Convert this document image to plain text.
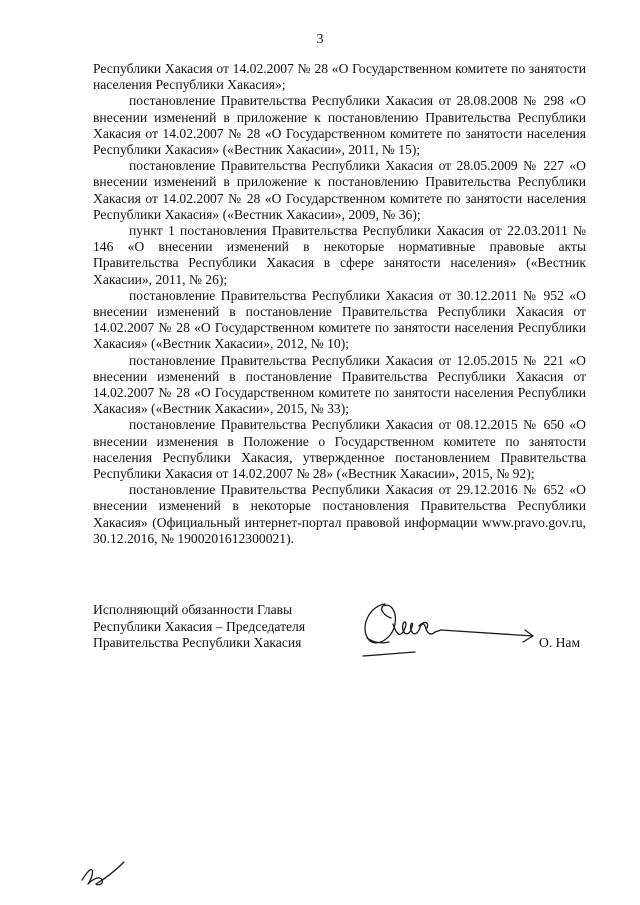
3

Республики Хакасия от 14.02.2007 № 28 «О Государственном комитете по занятости населения Республики Хакасия»;

постановление Правительства Республики Хакасия от 28.08.2008 № 298 «О внесении изменений в приложение к постановлению Правительства Республики Хакасия от 14.02.2007 № 28 «О Государственном комитете по занятости населения Республики Хакасия» («Вестник Хакасии», 2011, № 15);

постановление Правительства Республики Хакасия от 28.05.2009 № 227 «О внесении изменений в приложение к постановлению Правительства Республики Хакасия от 14.02.2007 № 28 «О Государственном комитете по занятости населения Республики Хакасия» («Вестник Хакасии», 2009, № 36);

пункт 1 постановления Правительства Республики Хакасия от 22.03.2011 № 146 «О внесении изменений в некоторые нормативные правовые акты Правительства Республики Хакасия в сфере занятости населения» («Вестник Хакасии», 2011, № 26);

постановление Правительства Республики Хакасия от 30.12.2011 № 952 «О внесении изменений в постановление Правительства Республики Хакасия от 14.02.2007 № 28 «О Государственном комитете по занятости населения Республики Хакасия» («Вестник Хакасии», 2012, № 10);

постановление Правительства Республики Хакасия от 12.05.2015 № 221 «О внесении изменений в постановление Правительства Республики Хакасия от 14.02.2007 № 28 «О Государственном комитете по занятости населения Республики Хакасия» («Вестник Хакасии», 2015, № 33);

постановление Правительства Республики Хакасия от 08.12.2015 № 650 «О внесении изменения в Положение о Государственном комитете по занятости населения Республики Хакасия, утвержденное постановлением Правительства Республики Хакасия от 14.02.2007 № 28» («Вестник Хакасии», 2015, № 92);

постановление Правительства Республики Хакасия от 29.12.2016 № 652 «О внесении изменений в некоторые постановления Правительства Республики Хакасия» (Официальный интернет-портал правовой информации www.pravo.gov.ru, 30.12.2016, № 1900201612300021).

Исполняющий обязанности Главы
Республики Хакасия – Председателя
Правительства Республики Хакасия	О. Нам
